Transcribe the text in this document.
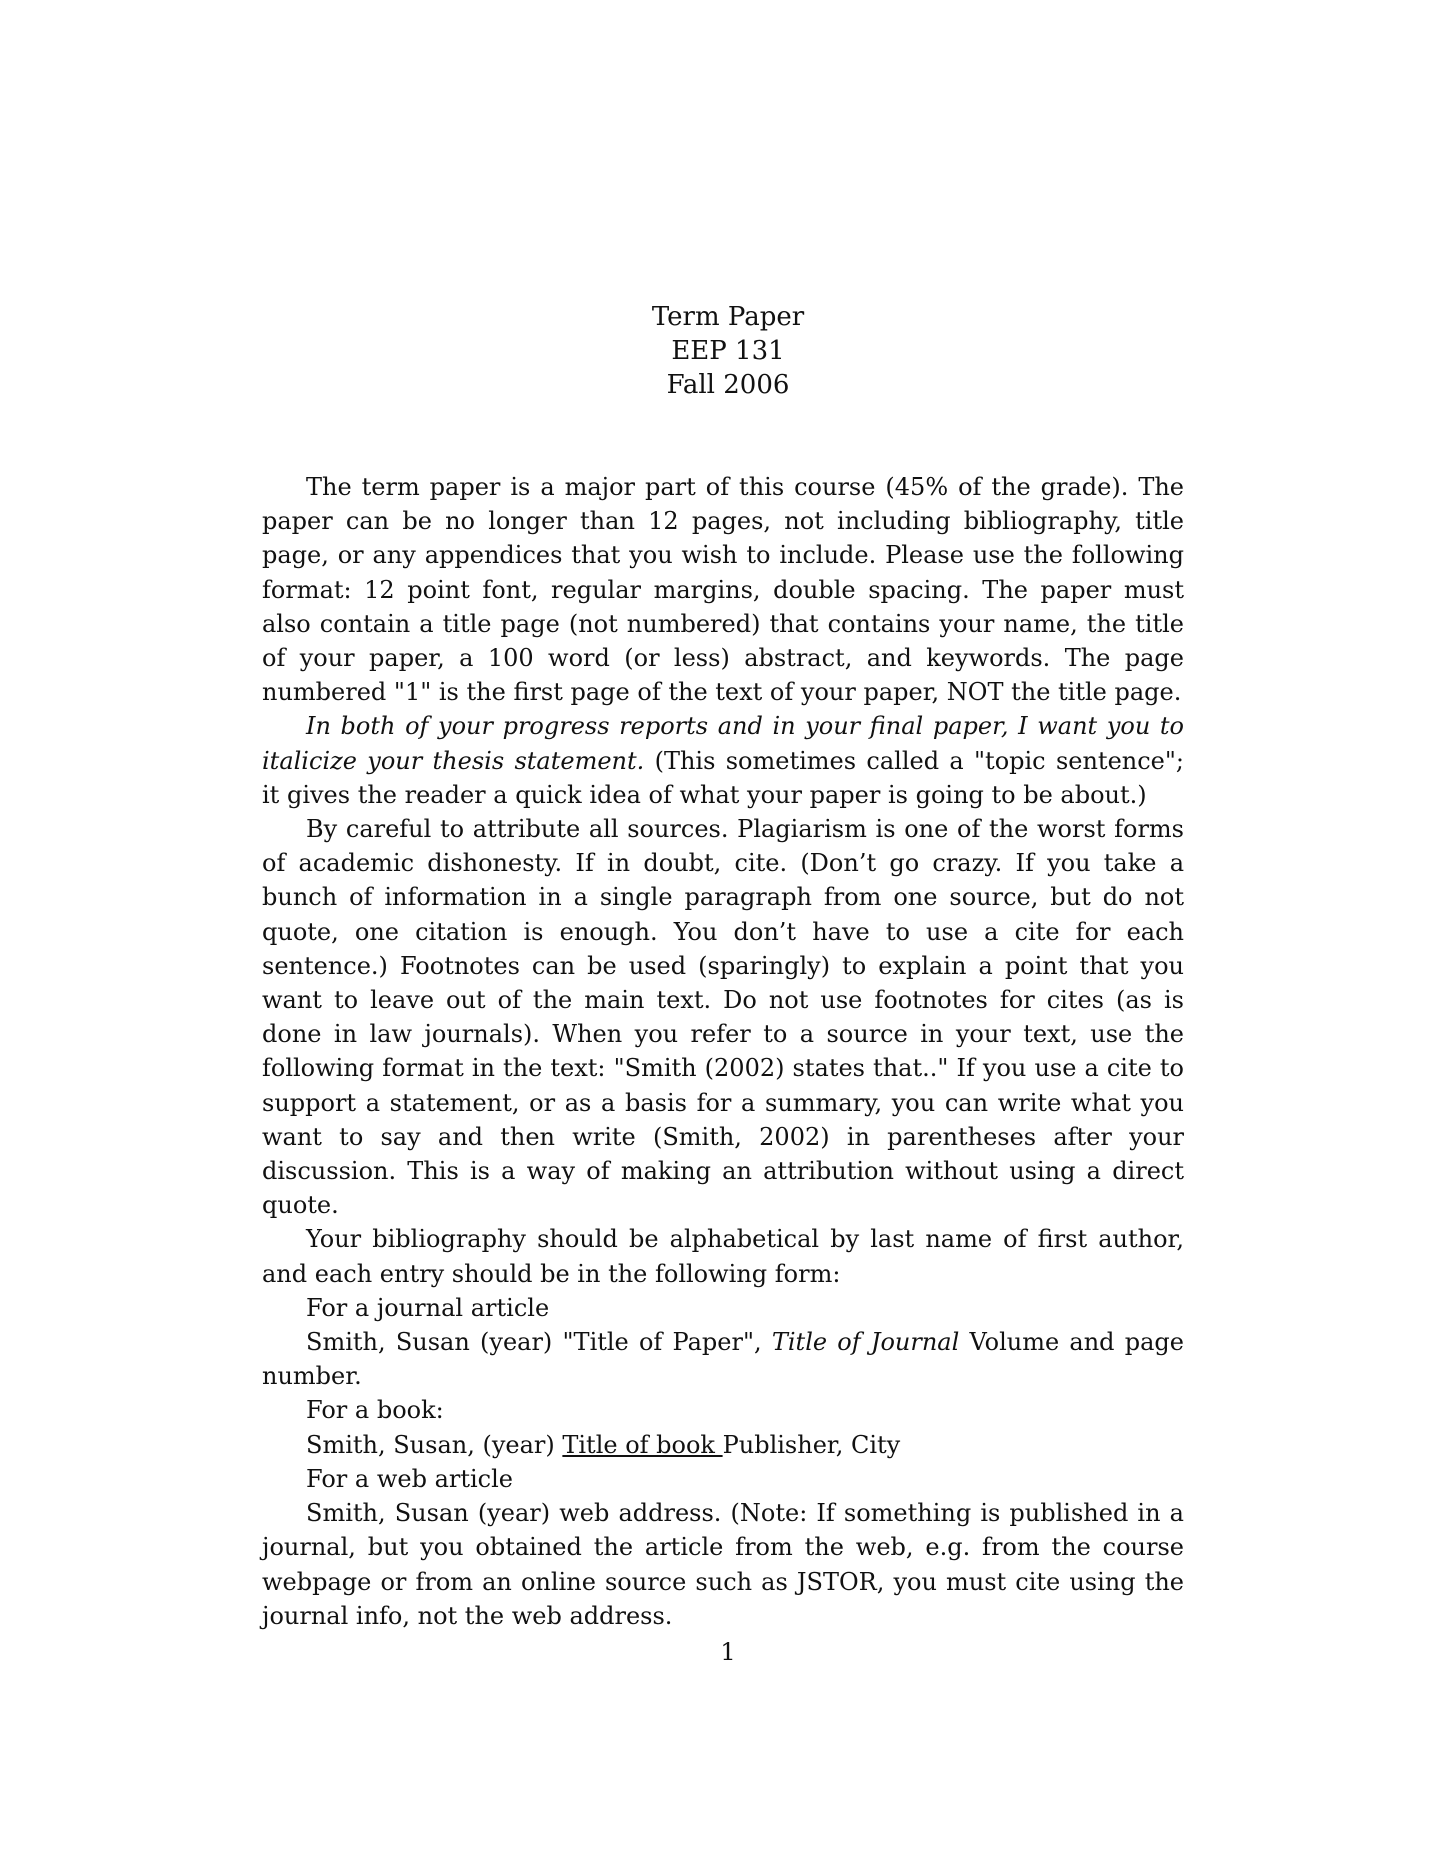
Term Paper
EEP 131
Fall 2006

The term paper is a major part of this course (45% of the grade). The paper can be no longer than 12 pages, not including bibliography, title page, or any appendices that you wish to include. Please use the following format: 12 point font, regular margins, double spacing. The paper must also contain a title page (not numbered) that contains your name, the title of your paper, a 100 word (or less) abstract, and keywords. The page numbered "1" is the first page of the text of your paper, NOT the title page.

In both of your progress reports and in your final paper, I want you to italicize your thesis statement. (This sometimes called a "topic sentence"; it gives the reader a quick idea of what your paper is going to be about.)

By careful to attribute all sources. Plagiarism is one of the worst forms of academic dishonesty. If in doubt, cite. (Don’t go crazy. If you take a bunch of information in a single paragraph from one source, but do not quote, one citation is enough. You don’t have to use a cite for each sentence.) Footnotes can be used (sparingly) to explain a point that you want to leave out of the main text. Do not use footnotes for cites (as is done in law journals). When you refer to a source in your text, use the following format in the text: "Smith (2002) states that.." If you use a cite to support a statement, or as a basis for a summary, you can write what you want to say and then write (Smith, 2002) in parentheses after your discussion. This is a way of making an attribution without using a direct quote.

Your bibliography should be alphabetical by last name of first author, and each entry should be in the following form:

For a journal article

Smith, Susan (year) "Title of Paper", Title of Journal Volume and page number.

For a book:

Smith, Susan, (year) Title of book Publisher, City

For a web article

Smith, Susan (year) web address. (Note: If something is published in a journal, but you obtained the article from the web, e.g. from the course webpage or from an online source such as JSTOR, you must cite using the journal info, not the web address.

1
